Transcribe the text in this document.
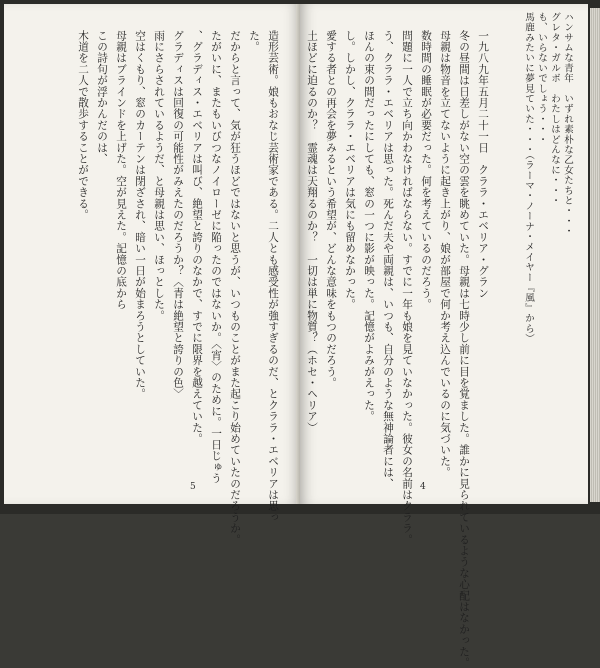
造形芸術。娘もおなじ芸術家である。二人とも感受性が強すぎるのだ、とクララ・エベリアは思っ
た。
だからと言って、気が狂うほどではないと思うが、いつものことがまた起こり始めていたのだろうか。
たがいに、またもいびつなノイローゼに陥ったのではないか。〈宵〉のために。一日じゅう
、グラディス・エベリアは叫び、絶望と誇りのなかで、すでに限界を越えていた。
グラディスは回復の可能性がみえたのだろうか？〈青は絶望と誇りの色〉
雨にさらされているようだ、と母親は思い、ほっとした。
空はくもり、窓のカーテンは閉ざされ、暗い一日が始まろうとしていた。
母親はブラインドを上げた。空が見えた。記憶の底から
この詩句が浮かんだのは、
木道を二人で散歩することができる。
5
ハンサムな青年　いずれ素朴な乙女たちと・・・
グレタ・ガルボ　わたしはどんなに・・・
も、いらないでしょう・・・
馬鹿みたいに夢見ていた・・・（ラーマ・ノーナ・メイヤー『風』から）
一九八九年五月二十一日　クララ・エベリア・グラン
冬の昼間は日差しがない空の雲を眺めていた。母親は七時少し前に目を覚ました。誰かに見られているような心配はなかった。
母親は物音を立てないように起き上がり、娘が部屋で何か考え込んでいるのに気づいた。
数時間の睡眠が必要だった。何を考えているのだろう。
問題に一人で立ち向かわなければならない。すでに一年も娘を見ていなかった。彼女の名前はクララ。
う、クララ・エベリアは思った。死んだ夫や両親は、いつも、自分のような無神論者には、
ほんの束の間だったにしても、窓の一つに影が映った。記憶がよみがえった。
し。しかし、クララ・エベリアは気にも留めなかった。
愛する者との再会を夢みるという希望が、どんな意味をもつのだろう。
土ほどに迫るのか？　霊魂は天翔るのか？　一切は単に物質？（ホセ・ヘリア）
4
